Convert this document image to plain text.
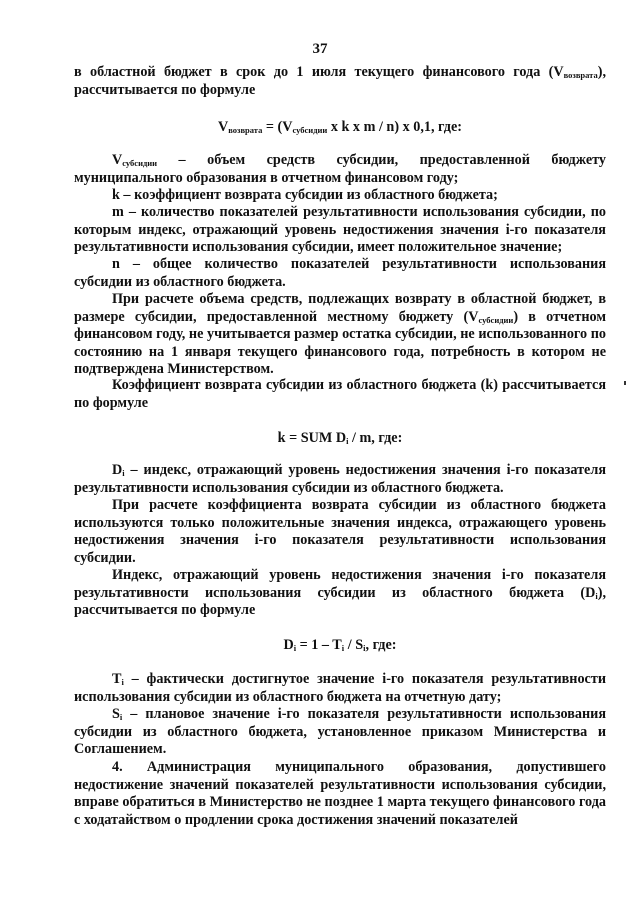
37

в областной бюджет в срок до 1 июля текущего финансового года $(V_{возврата})$, рассчитывается по формуле

$V_{возврата} = (V_{субсидии}$ x k x m / n) x 0,1, где:

$V_{субсидии}$ – объем средств субсидии, предоставленной бюджету муниципального образования в отчетном финансовом году;

k – коэффициент возврата субсидии из областного бюджета;

m – количество показателей результативности использования субсидии, по которым индекс, отражающий уровень недостижения значения i-го показателя результативности использования субсидии, имеет положительное значение;

n – общее количество показателей результативности использования субсидии из областного бюджета.

При расчете объема средств, подлежащих возврату в областной бюджет, в размере субсидии, предоставленной местному бюджету $(V_{субсидии})$ в отчетном финансовом году, не учитывается размер остатка субсидии, не использованного по состоянию на 1 января текущего финансового года, потребность в котором не подтверждена Министерством.

Коэффициент возврата субсидии из областного бюджета (k) рассчитывается по формуле

k = SUM $D_i$ / m, где:

$D_i$ – индекс, отражающий уровень недостижения значения i-го показателя результативности использования субсидии из областного бюджета.

При расчете коэффициента возврата субсидии из областного бюджета используются только положительные значения индекса, отражающего уровень недостижения значения i-го показателя результативности использования субсидии.

Индекс, отражающий уровень недостижения значения i-го показателя результативности использования субсидии из областного бюджета $(D_i)$, рассчитывается по формуле

$D_i = 1 - T_i / S_i$, где:

$T_i$ – фактически достигнутое значение i-го показателя результативности использования субсидии из областного бюджета на отчетную дату;

$S_i$ – плановое значение i-го показателя результативности использования субсидии из областного бюджета, установленное приказом Министерства и Соглашением.

4. Администрация муниципального образования, допустившего недостижение значений показателей результативности использования субсидии, вправе обратиться в Министерство не позднее 1 марта текущего финансового года с ходатайством о продлении срока достижения значений показателей
